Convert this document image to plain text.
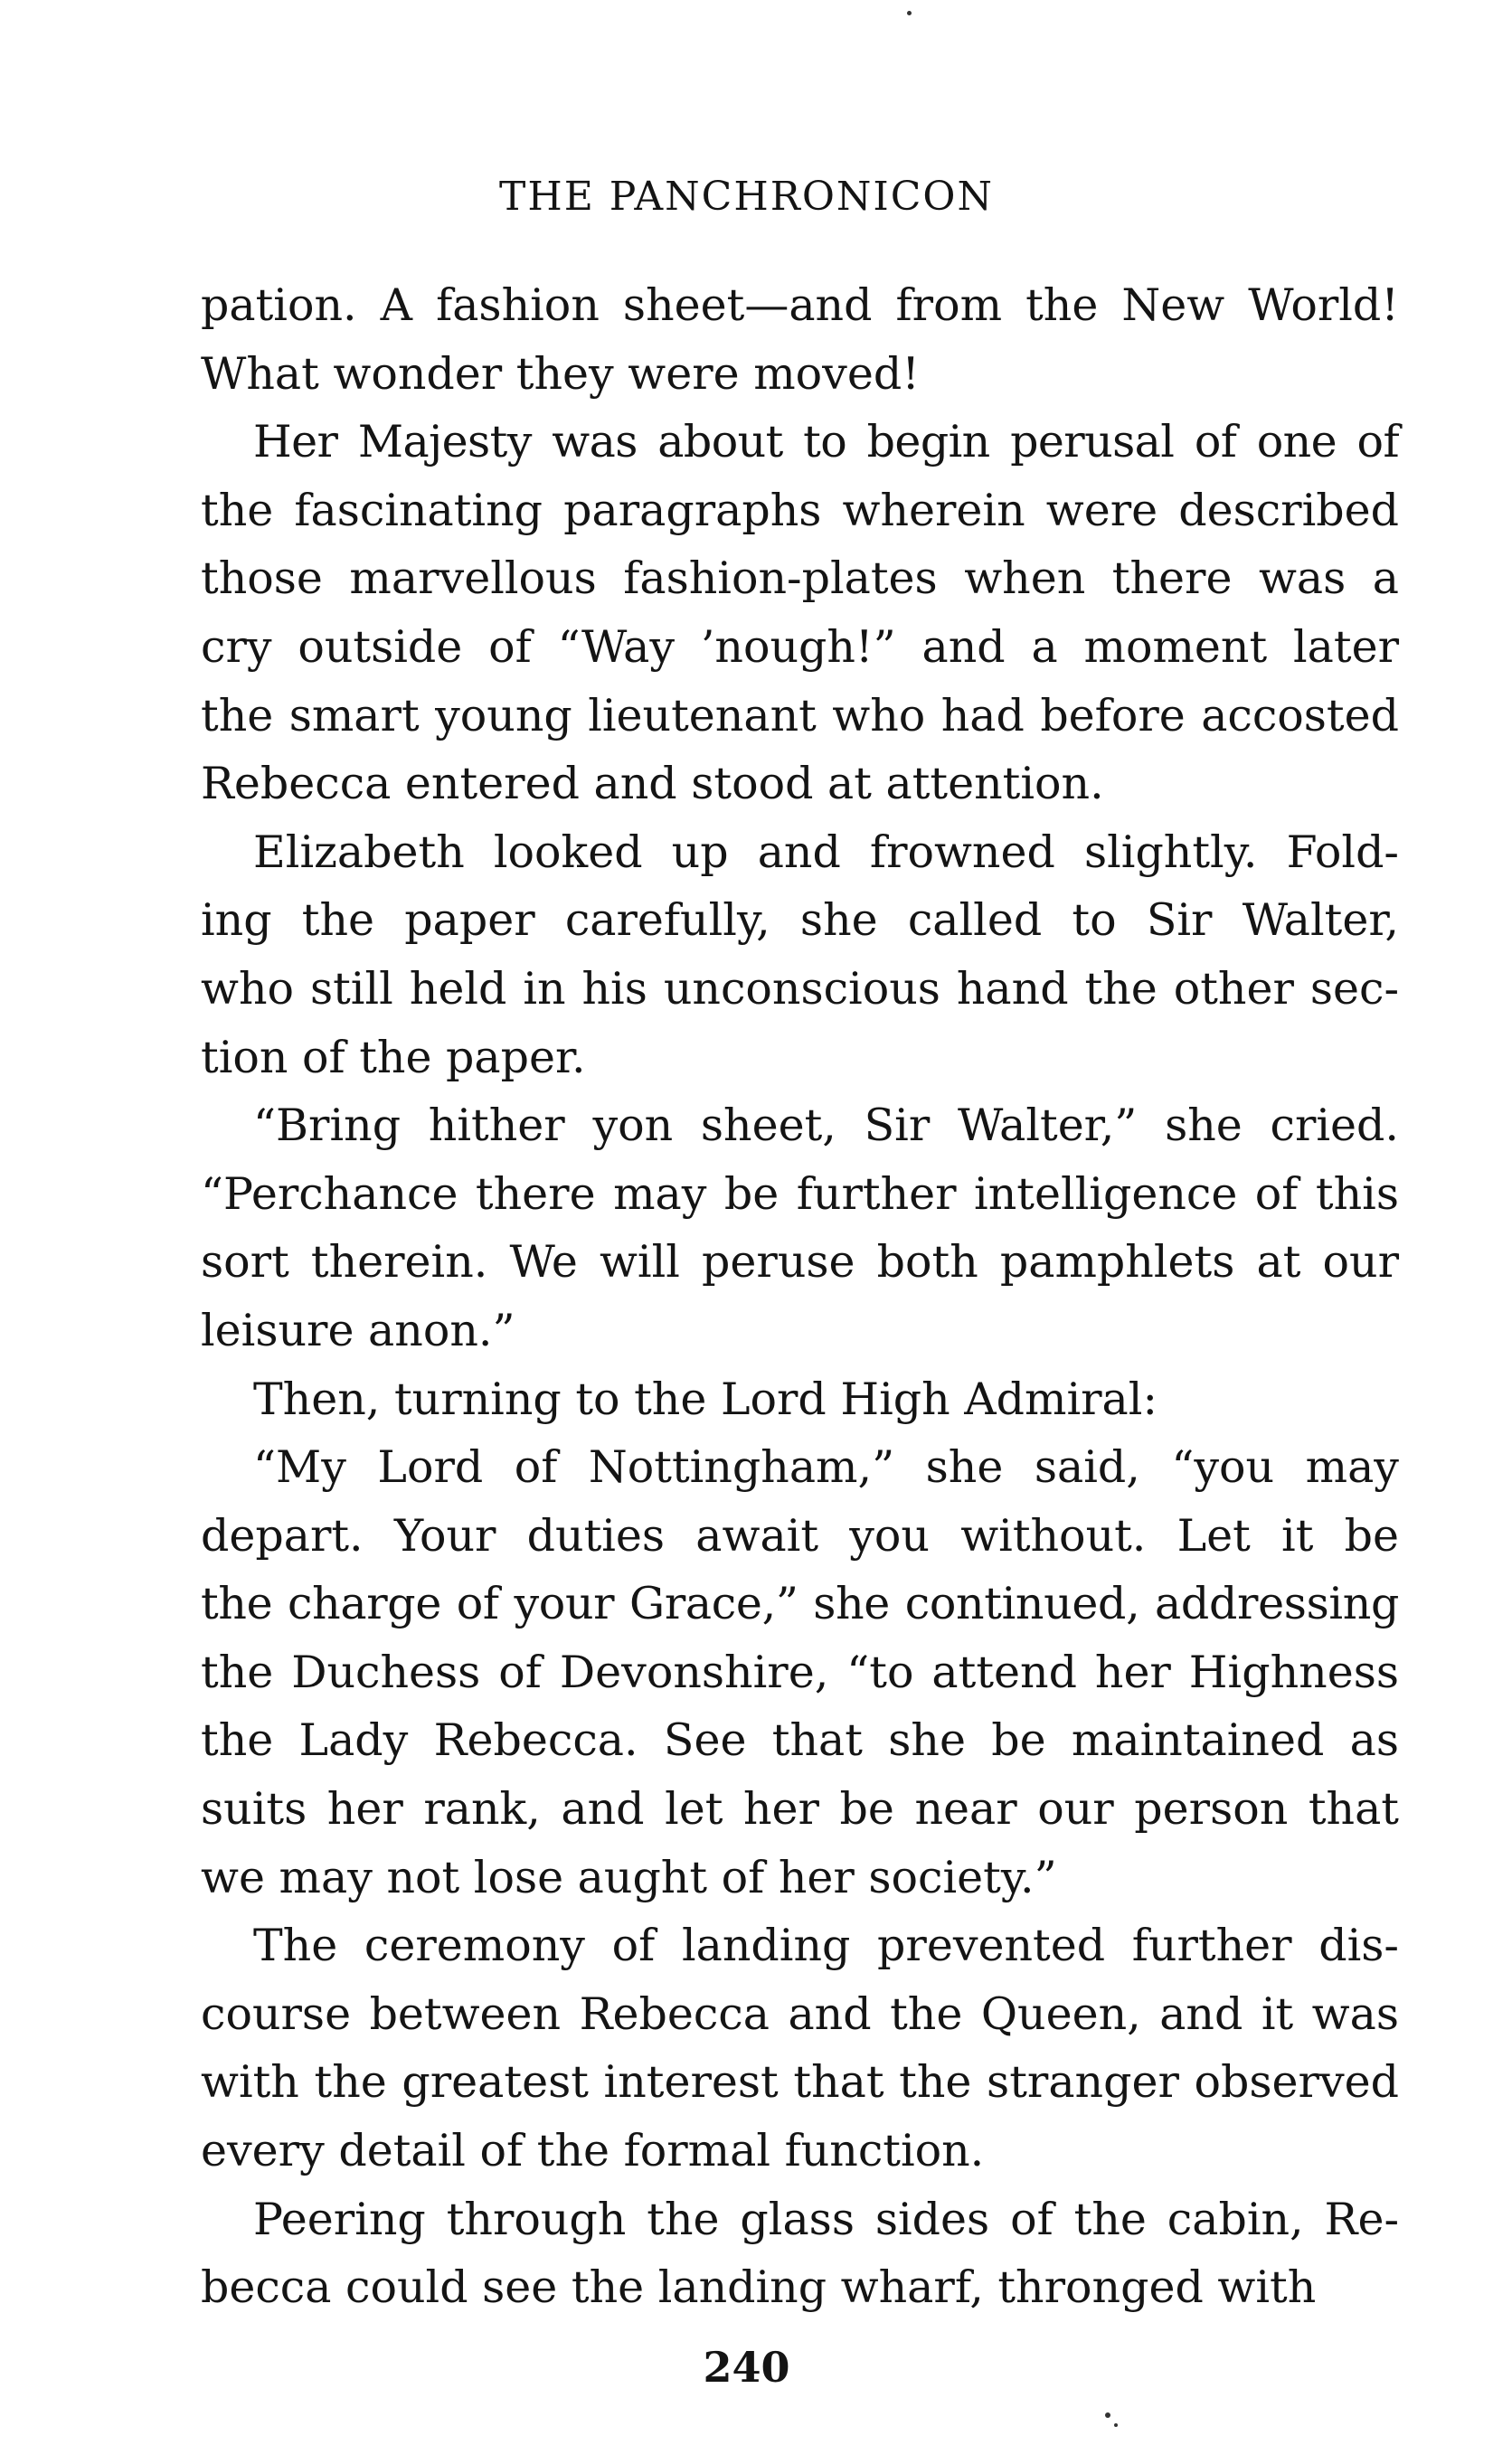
THE PANCHRONICON

pation. A fashion sheet—and from the New World!
What wonder they were moved!

Her Majesty was about to begin perusal of one of
the fascinating paragraphs wherein were described
those marvellous fashion-plates when there was a
cry outside of “Way ’nough!” and a moment later
the smart young lieutenant who had before accosted
Rebecca entered and stood at attention.

Elizabeth looked up and frowned slightly. Fold-
ing the paper carefully, she called to Sir Walter,
who still held in his unconscious hand the other sec-
tion of the paper.

“Bring hither yon sheet, Sir Walter,” she cried.
“Perchance there may be further intelligence of this
sort therein. We will peruse both pamphlets at our
leisure anon.”

Then, turning to the Lord High Admiral:

“My Lord of Nottingham,” she said, “you may
depart. Your duties await you without. Let it be
the charge of your Grace,” she continued, addressing
the Duchess of Devonshire, “to attend her Highness
the Lady Rebecca. See that she be maintained as
suits her rank, and let her be near our person that
we may not lose aught of her society.”

The ceremony of landing prevented further dis-
course between Rebecca and the Queen, and it was
with the greatest interest that the stranger observed
every detail of the formal function.

Peering through the glass sides of the cabin, Re-
becca could see the landing wharf, thronged with

240
